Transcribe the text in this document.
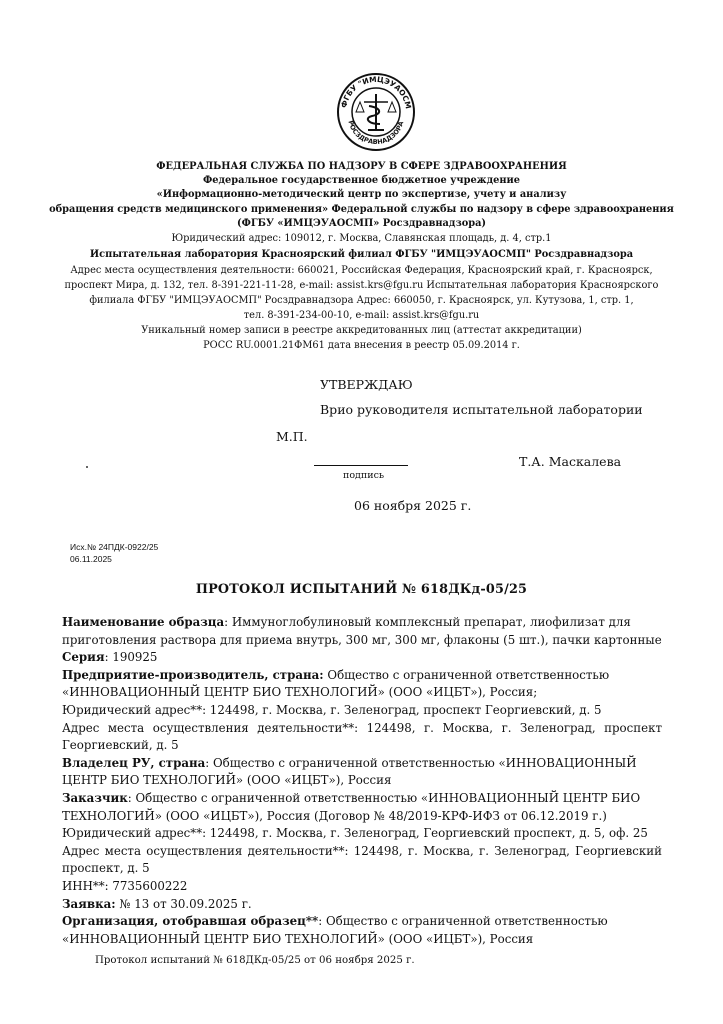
ФГБУ "ИМЦЭУАОСМ
РОСЗДРАВНАДЗОРА
ФЕДЕРАЛЬНАЯ СЛУЖБА ПО НАДЗОРУ В СФЕРЕ ЗДРАВООХРАНЕНИЯ
Федеральное государственное бюджетное учреждение
«Информационно-методический центр по экспертизе, учету и анализу
обращения средств медицинского применения» Федеральной службы по надзору в сфере здравоохранения
(ФГБУ «ИМЦЭУАОСМП» Росздравнадзора)
Юридический адрес: 109012, г. Москва, Славянская площадь, д. 4, стр.1
Испытательная лаборатория Красноярский филиал ФГБУ "ИМЦЭУАОСМП" Росздравнадзора
Адрес места осуществления деятельности: 660021, Российская Федерация, Красноярский край, г. Красноярск,
проспект Мира, д. 132, тел. 8-391-221-11-28, e-mail: assist.krs@fgu.ru Испытательная лаборатория Красноярского
филиала ФГБУ "ИМЦЭУАОСМП" Росздравнадзора Адрес: 660050, г. Красноярск, ул. Кутузова, 1, стр. 1,
тел. 8-391-234-00-10, e-mail: assist.krs@fgu.ru
Уникальный номер записи в реестре аккредитованных лиц (аттестат аккредитации)
РОСС RU.0001.21ФМ61 дата внесения в реестр 05.09.2014 г.
УТВЕРЖДАЮ
Врио руководителя испытательной лаборатории
М.П.
Т.А. Маскалева
подпись
06 ноября 2025 г.
Исх.№ 24ПДК-0922/25
06.11.2025
ПРОТОКОЛ ИСПЫТАНИЙ № 618ДКд-05/25
Наименование образца: Иммуноглобулиновый комплексный препарат, лиофилизат для
приготовления раствора для приема внутрь, 300 мг, 300 мг, флаконы (5 шт.), пачки картонные
Серия: 190925
Предприятие-производитель, страна: Общество с ограниченной ответственностью
«ИННОВАЦИОННЫЙ ЦЕНТР БИО ТЕХНОЛОГИЙ» (ООО «ИЦБТ»), Россия;
Юридический адрес**: 124498, г. Москва, г. Зеленоград, проспект Георгиевский, д. 5
Адрес места осуществления деятельности**: 124498, г. Москва, г. Зеленоград, проспект
Георгиевский, д. 5
Владелец РУ, страна: Общество с ограниченной ответственностью «ИННОВАЦИОННЫЙ
ЦЕНТР БИО ТЕХНОЛОГИЙ» (ООО «ИЦБТ»), Россия
Заказчик: Общество с ограниченной ответственностью «ИННОВАЦИОННЫЙ ЦЕНТР БИО
ТЕХНОЛОГИЙ» (ООО «ИЦБТ»), Россия (Договор № 48/2019-КРФ-ИФЗ от 06.12.2019 г.)
Юридический адрес**: 124498, г. Москва, г. Зеленоград, Георгиевский проспект, д. 5, оф. 25
Адрес места осуществления деятельности**: 124498, г. Москва, г. Зеленоград, Георгиевский
проспект, д. 5
ИНН**: 7735600222
Заявка: № 13 от 30.09.2025 г.
Организация, отобравшая образец**: Общество с ограниченной ответственностью
«ИННОВАЦИОННЫЙ ЦЕНТР БИО ТЕХНОЛОГИЙ» (ООО «ИЦБТ»), Россия
Протокол испытаний № 618ДКд-05/25 от 06 ноября 2025 г.
